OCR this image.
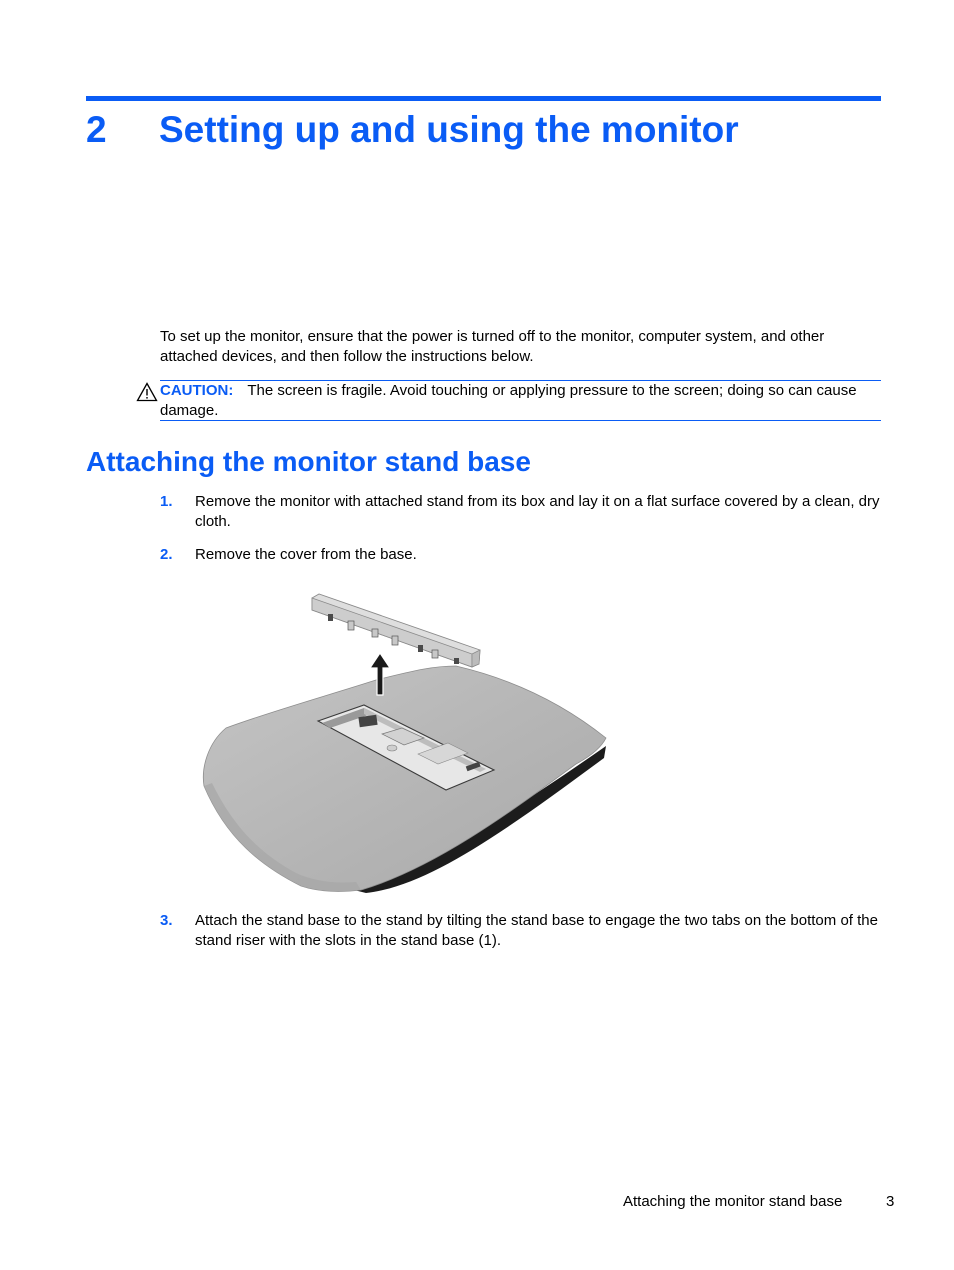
2 Setting up and using the monitor

To set up the monitor, ensure that the power is turned off to the monitor, computer system, and other attached devices, and then follow the instructions below.

CAUTION: The screen is fragile. Avoid touching or applying pressure to the screen; doing so can cause damage.

Attaching the monitor stand base
1. Remove the monitor with attached stand from its box and lay it on a flat surface covered by a clean, dry cloth.
2. Remove the cover from the base.
3. Attach the stand base to the stand by tilting the stand base to engage the two tabs on the bottom of the stand riser with the slots in the stand base (1).
Attaching the monitor stand base	3
